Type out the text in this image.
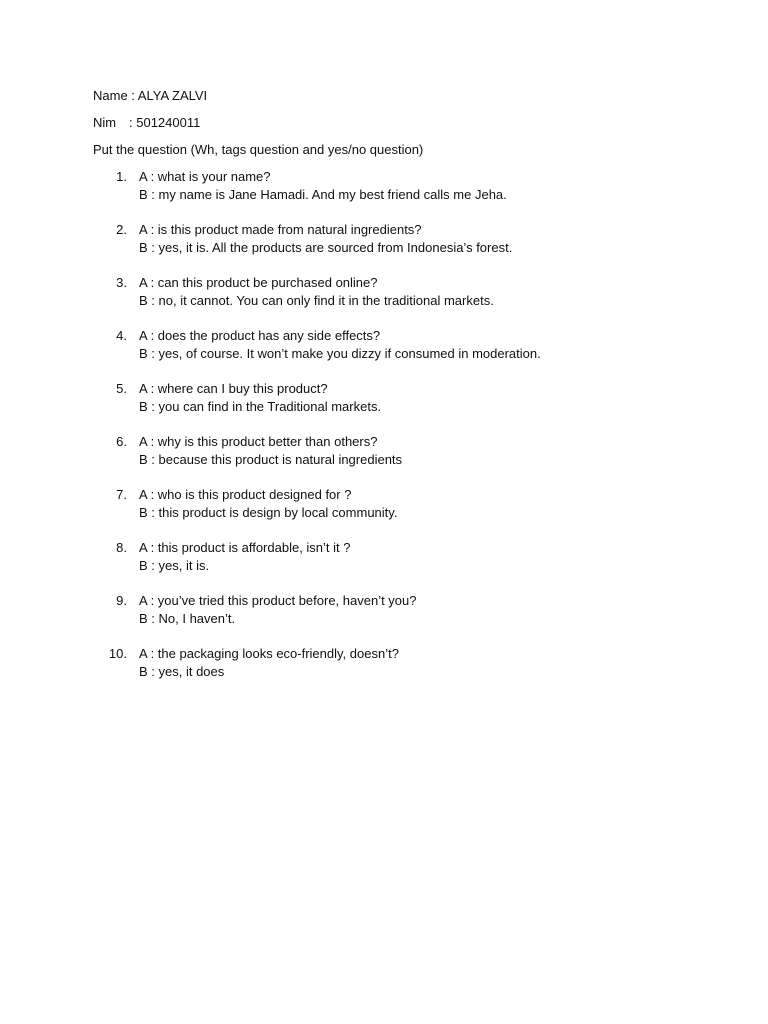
Name : ALYA ZALVI
Nim : 501240011
Put the question (Wh, tags question and yes/no question)
1. A : what is your name?
B : my name is Jane Hamadi. And my best friend calls me Jeha.
2. A : is this product made from natural ingredients?
B : yes, it is. All the products are sourced from Indonesia’s forest.
3. A : can this product be purchased online?
B : no, it cannot. You can only find it in the traditional markets.
4. A : does the product has any side effects?
B : yes, of course. It won’t make you dizzy if consumed in moderation.
5. A : where can I buy this product?
B : you can find in the Traditional markets.
6. A : why is this product better than others?
B : because this product is natural ingredients
7. A : who is this product designed for ?
B : this product is design by local community.
8. A : this product is affordable, isn’t it ?
B : yes, it is.
9. A : you’ve tried this product before, haven’t you?
B : No, I haven’t.
10. A : the packaging looks eco-friendly, doesn’t?
B : yes, it does
